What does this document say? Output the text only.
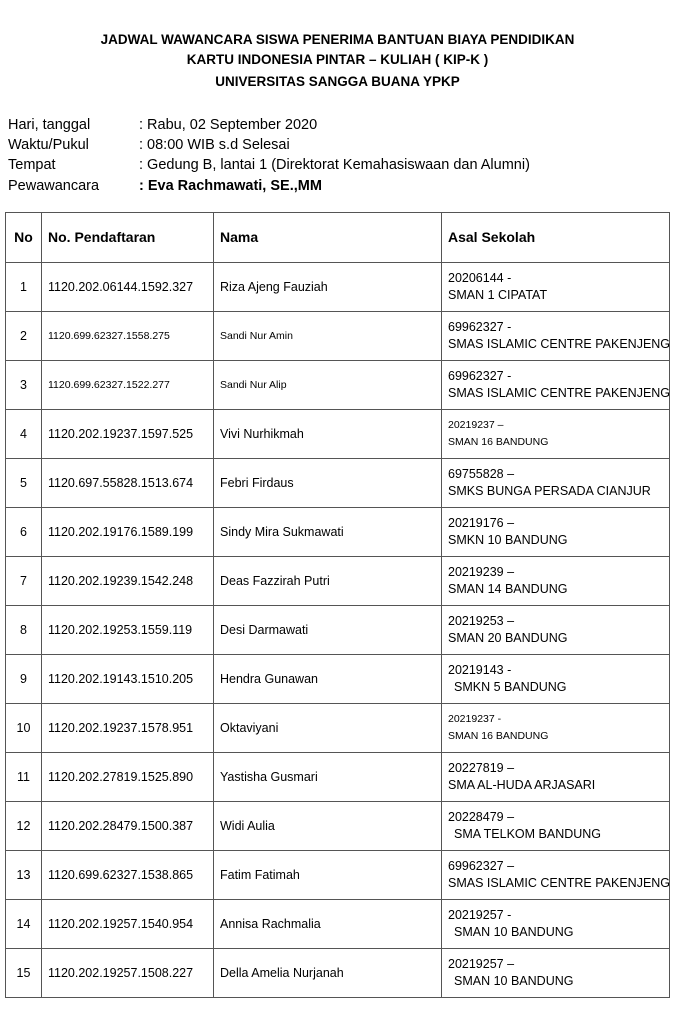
JADWAL WAWANCARA SISWA PENERIMA BANTUAN BIAYA PENDIDIKAN
KARTU INDONESIA PINTAR – KULIAH ( KIP-K )
UNIVERSITAS SANGGA BUANA YPKP
Hari, tanggal	: Rabu, 02 September 2020
Waktu/Pukul	: 08:00 WIB s.d Selesai
Tempat	: Gedung B, lantai 1 (Direktorat Kemahasiswaan dan Alumni)
Pewawancara	: Eva Rachmawati, SE.,MM
No	No. Pendaftaran	Nama	Asal Sekolah
1	1120.202.06144.1592.327	Riza Ajeng Fauziah	20206144 -
SMAN 1 CIPATAT

2	1120.699.62327.1558.275	Sandi Nur Amin	69962327 -
SMAS ISLAMIC CENTRE PAKENJENG

3	1120.699.62327.1522.277	Sandi Nur Alip	69962327 -
SMAS ISLAMIC CENTRE PAKENJENG

4	1120.202.19237.1597.525	Vivi Nurhikmah	20219237 –
SMAN 16 BANDUNG

5	1120.697.55828.1513.674	Febri Firdaus	69755828 –
SMKS BUNGA PERSADA CIANJUR

6	1120.202.19176.1589.199	Sindy Mira Sukmawati	20219176 –
SMKN 10 BANDUNG

7	1120.202.19239.1542.248	Deas Fazzirah Putri	20219239 –
SMAN 14 BANDUNG

8	1120.202.19253.1559.119	Desi Darmawati	20219253 –
SMAN 20 BANDUNG

9	1120.202.19143.1510.205	Hendra Gunawan	20219143 -
SMKN 5 BANDUNG

10	1120.202.19237.1578.951	Oktaviyani	20219237 -
SMAN 16 BANDUNG

11	1120.202.27819.1525.890	Yastisha Gusmari	20227819 –
SMA AL-HUDA ARJASARI

12	1120.202.28479.1500.387	Widi Aulia	20228479 –
SMA TELKOM BANDUNG

13	1120.699.62327.1538.865	Fatim Fatimah	69962327 –
SMAS ISLAMIC CENTRE PAKENJENG

14	1120.202.19257.1540.954	Annisa Rachmalia	20219257 -
SMAN 10 BANDUNG

15	1120.202.19257.1508.227	Della Amelia Nurjanah	20219257 –
SMAN 10 BANDUNG
